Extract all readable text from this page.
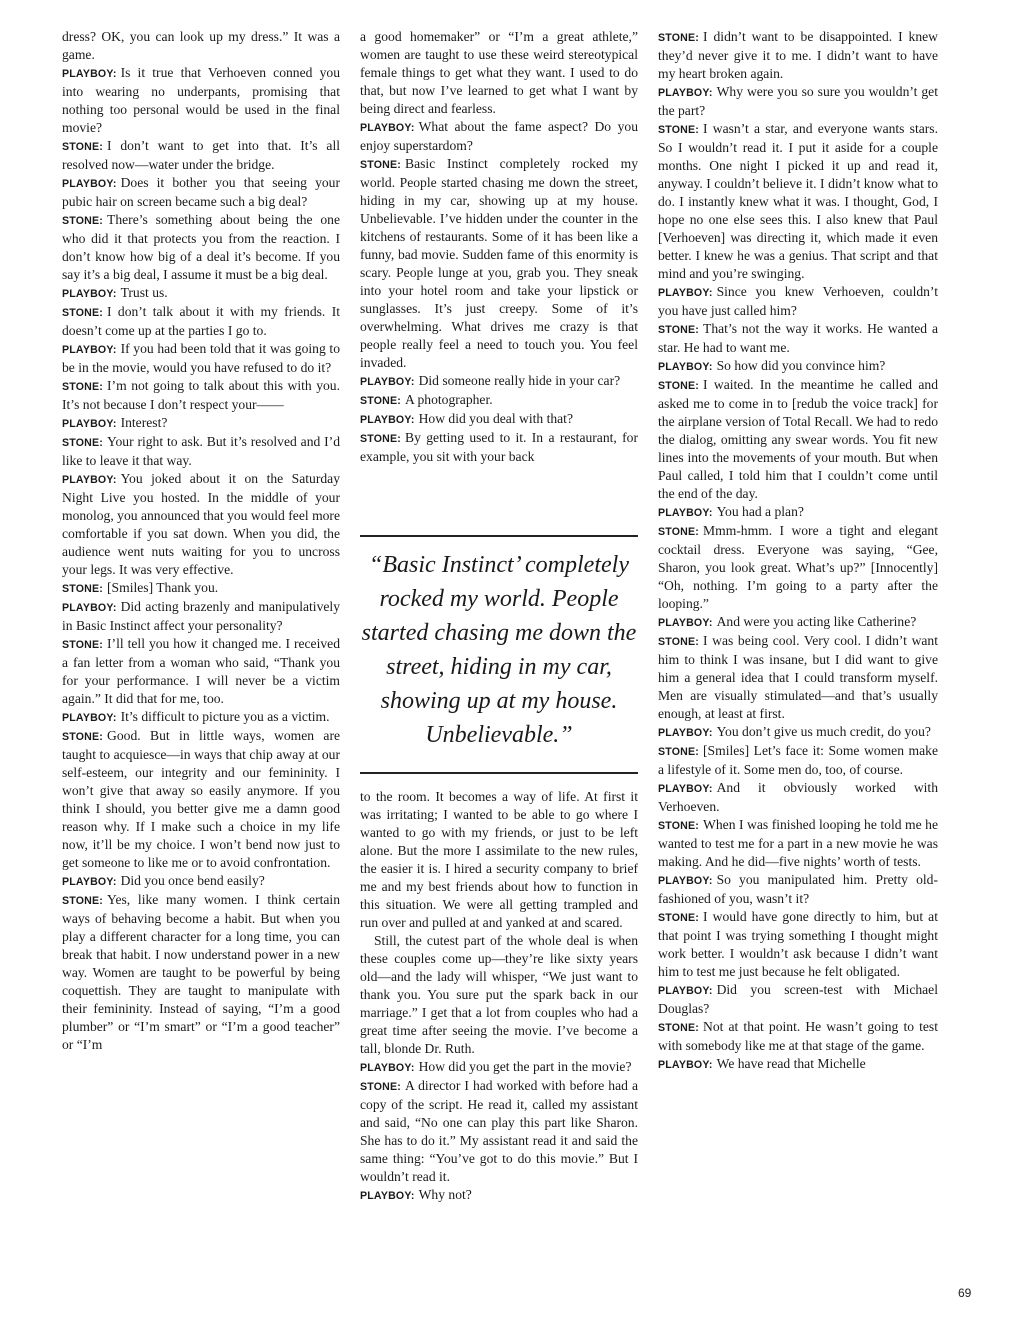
dress? OK, you can look up my dress.” It was a game.

PLAYBOY: Is it true that Verhoeven conned you into wearing no underpants, promising that nothing too personal would be used in the final movie?

STONE: I don’t want to get into that. It’s all resolved now—water under the bridge.

PLAYBOY: Does it bother you that seeing your pubic hair on screen became such a big deal?

STONE: There’s something about being the one who did it that protects you from the reaction. I don’t know how big of a deal it’s become. If you say it’s a big deal, I assume it must be a big deal.

PLAYBOY: Trust us.

STONE: I don’t talk about it with my friends. It doesn’t come up at the parties I go to.

PLAYBOY: If you had been told that it was going to be in the movie, would you have refused to do it?

STONE: I’m not going to talk about this with you. It’s not because I don’t respect your——

PLAYBOY: Interest?

STONE: Your right to ask. But it’s resolved and I’d like to leave it that way.

PLAYBOY: You joked about it on the Saturday Night Live you hosted. In the middle of your monolog, you announced that you would feel more comfortable if you sat down. When you did, the audience went nuts waiting for you to uncross your legs. It was very effective.

STONE: [Smiles] Thank you.

PLAYBOY: Did acting brazenly and manipulatively in Basic Instinct affect your personality?

STONE: I’ll tell you how it changed me. I received a fan letter from a woman who said, “Thank you for your performance. I will never be a victim again.” It did that for me, too.

PLAYBOY: It’s difficult to picture you as a victim.

STONE: Good. But in little ways, women are taught to acquiesce—in ways that chip away at our self-esteem, our integrity and our femininity. I won’t give that away so easily anymore. If you think I should, you better give me a damn good reason why. If I make such a choice in my life now, it’ll be my choice. I won’t bend now just to get someone to like me or to avoid confrontation.

PLAYBOY: Did you once bend easily?

STONE: Yes, like many women. I think certain ways of behaving become a habit. But when you play a different character for a long time, you can break that habit. I now understand power in a new way. Women are taught to be powerful by being coquettish. They are taught to manipulate with their femininity. Instead of saying, “I’m a good plumber” or “I’m smart” or “I’m a good teacher” or “I’m

a good homemaker” or “I’m a great athlete,” women are taught to use these weird stereotypical female things to get what they want. I used to do that, but now I’ve learned to get what I want by being direct and fearless.

PLAYBOY: What about the fame aspect? Do you enjoy superstardom?

STONE: Basic Instinct completely rocked my world. People started chasing me down the street, hiding in my car, showing up at my house. Unbelievable. I’ve hidden under the counter in the kitchens of restaurants. Some of it has been like a funny, bad movie. Sudden fame of this enormity is scary. People lunge at you, grab you. They sneak into your hotel room and take your lipstick or sunglasses. It’s just creepy. Some of it’s overwhelming. What drives me crazy is that people really feel a need to touch you. You feel invaded.

PLAYBOY: Did someone really hide in your car?

STONE: A photographer.

PLAYBOY: How did you deal with that?

STONE: By getting used to it. In a restaurant, for example, you sit with your back

“Basic Instinct’ completely rocked my world. People started chasing me down the street, hiding in my car, showing up at my house. Unbelievable.”

to the room. It becomes a way of life. At first it was irritating; I wanted to be able to go where I wanted to go with my friends, or just to be left alone. But the more I assimilate to the new rules, the easier it is. I hired a security company to brief me and my best friends about how to function in this situation. We were all getting trampled and run over and pulled at and yanked at and scared.

Still, the cutest part of the whole deal is when these couples come up—they’re like sixty years old—and the lady will whisper, “We just want to thank you. You sure put the spark back in our marriage.” I get that a lot from couples who had a great time after seeing the movie. I’ve become a tall, blonde Dr. Ruth.

PLAYBOY: How did you get the part in the movie?

STONE: A director I had worked with before had a copy of the script. He read it, called my assistant and said, “No one can play this part like Sharon. She has to do it.” My assistant read it and said the same thing: “You’ve got to do this movie.” But I wouldn’t read it.

PLAYBOY: Why not?

STONE: I didn’t want to be disappointed. I knew they’d never give it to me. I didn’t want to have my heart broken again.

PLAYBOY: Why were you so sure you wouldn’t get the part?

STONE: I wasn’t a star, and everyone wants stars. So I wouldn’t read it. I put it aside for a couple months. One night I picked it up and read it, anyway. I couldn’t believe it. I didn’t know what to do. I instantly knew what it was. I thought, God, I hope no one else sees this. I also knew that Paul [Verhoeven] was directing it, which made it even better. I knew he was a genius. That script and that mind and you’re swinging.

PLAYBOY: Since you knew Verhoeven, couldn’t you have just called him?

STONE: That’s not the way it works. He wanted a star. He had to want me.

PLAYBOY: So how did you convince him?

STONE: I waited. In the meantime he called and asked me to come in to [redub the voice track] for the airplane version of Total Recall. We had to redo the dialog, omitting any swear words. You fit new lines into the movements of your mouth. But when Paul called, I told him that I couldn’t come until the end of the day.

PLAYBOY: You had a plan?

STONE: Mmm-hmm. I wore a tight and elegant cocktail dress. Everyone was saying, “Gee, Sharon, you look great. What’s up?” [Innocently] “Oh, nothing. I’m going to a party after the looping.”

PLAYBOY: And were you acting like Catherine?

STONE: I was being cool. Very cool. I didn’t want him to think I was insane, but I did want to give him a general idea that I could transform myself. Men are visually stimulated—and that’s usually enough, at least at first.

PLAYBOY: You don’t give us much credit, do you?

STONE: [Smiles] Let’s face it: Some women make a lifestyle of it. Some men do, too, of course.

PLAYBOY: And it obviously worked with Verhoeven.

STONE: When I was finished looping he told me he wanted to test me for a part in a new movie he was making. And he did—five nights’ worth of tests.

PLAYBOY: So you manipulated him. Pretty old-fashioned of you, wasn’t it?

STONE: I would have gone directly to him, but at that point I was trying something I thought might work better. I wouldn’t ask because I didn’t want him to test me just because he felt obligated.

PLAYBOY: Did you screen-test with Michael Douglas?

STONE: Not at that point. He wasn’t going to test with somebody like me at that stage of the game.

PLAYBOY: We have read that Michelle

69
